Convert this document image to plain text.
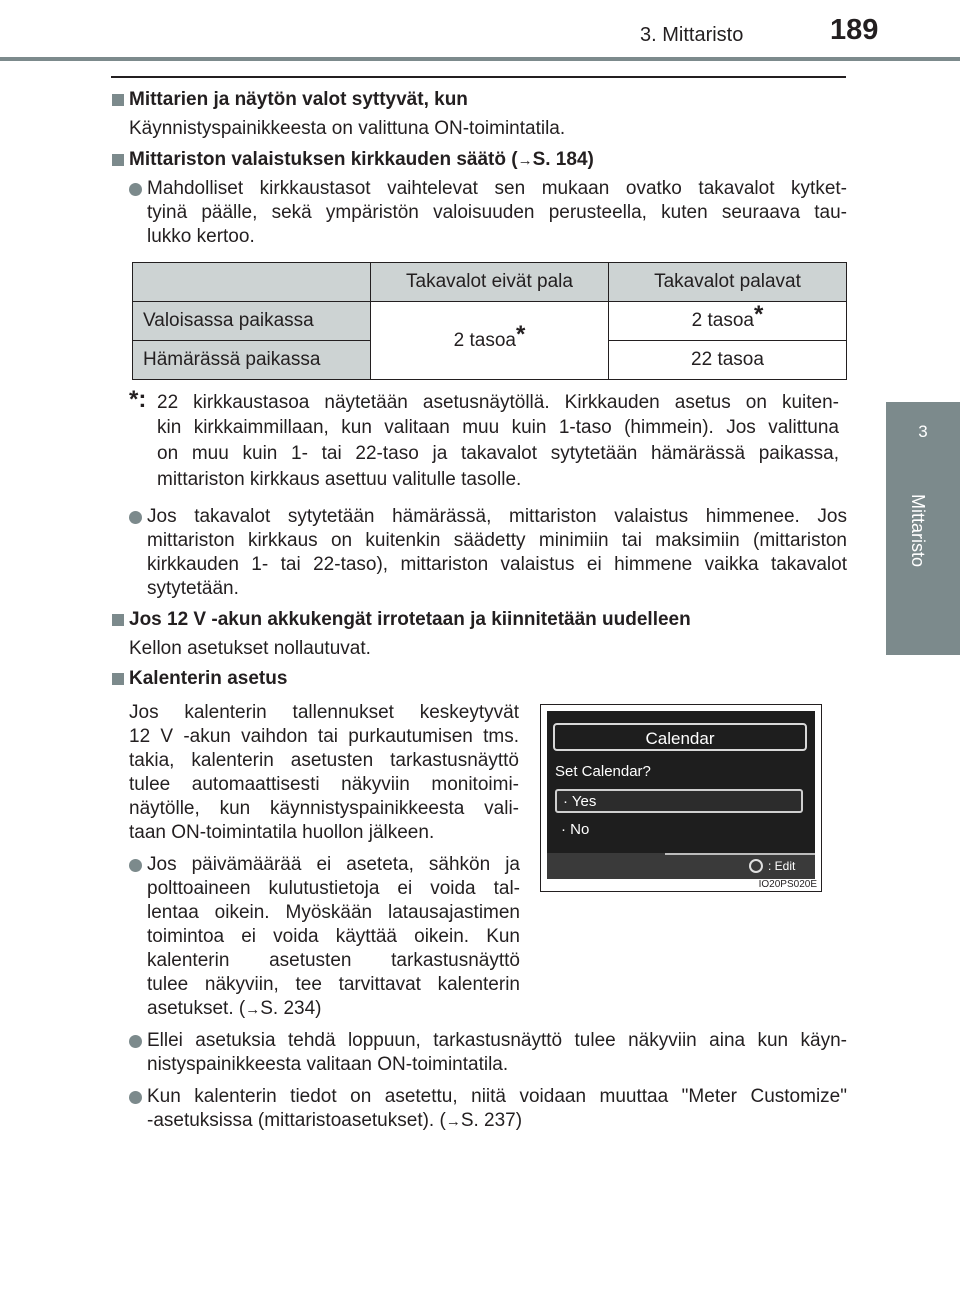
3. Mittaristo	189
3
Mittaristo
Mittarien ja näytön valot syttyvät, kun
Käynnistyspainikkeesta on valittuna ON-toimintatila.
Mittariston valaistuksen kirkkauden säätö (→S. 184)
Mahdolliset kirkkaustasot vaihtelevat sen mukaan ovatko takavalot kytket-
tyinä päälle, sekä ympäristön valoisuuden perusteella, kuten seuraava tau-
lukko kertoo.
	Takavalot eivät pala	Takavalot palavat
Valoisassa paikassa	2 tasoa*	2 tasoa*
Hämärässä paikassa		22 tasoa
*: 22 kirkkaustasoa näytetään asetusnäytöllä. Kirkkauden asetus on kuiten-
kin kirkkaimmillaan, kun valitaan muu kuin 1-taso (himmein). Jos valittuna
on muu kuin 1- tai 22-taso ja takavalot sytytetään hämärässä paikassa,
mittariston kirkkaus asettuu valitulle tasolle.
Jos takavalot sytytetään hämärässä, mittariston valaistus himmenee. Jos
mittariston kirkkaus on kuitenkin säädetty minimiin tai maksimiin (mittariston
kirkkauden 1- tai 22-taso), mittariston valaistus ei himmene vaikka takavalot
sytytetään.
Jos 12 V -akun akkukengät irrotetaan ja kiinnitetään uudelleen
Kellon asetukset nollautuvat.
Kalenterin asetus
Jos kalenterin tallennukset keskeytyvät
12 V -akun vaihdon tai purkautumisen tms.
takia, kalenterin asetusten tarkastusnäyttö
tulee automaattisesti näkyviin monitoimi-
näytölle, kun käynnistyspainikkeesta vali-
taan ON-toimintatila huollon jälkeen.
Jos päivämäärää ei aseteta, sähkön ja
polttoaineen kulutustietoja ei voida tal-
lentaa oikein. Myöskään latausajastimen
toimintoa ei voida käyttää oikein. Kun
kalenterin asetusten tarkastusnäyttö
tulee näkyviin, tee tarvittavat kalenterin
asetukset. (→S. 234)
Calendar
Set Calendar?
· Yes
· No
: Edit
IO20PS020E
Ellei asetuksia tehdä loppuun, tarkastusnäyttö tulee näkyviin aina kun käyn-
nistyspainikkeesta valitaan ON-toimintatila.
Kun kalenterin tiedot on asetettu, niitä voidaan muuttaa "Meter Customize"
-asetuksissa (mittaristoasetukset). (→S. 237)
